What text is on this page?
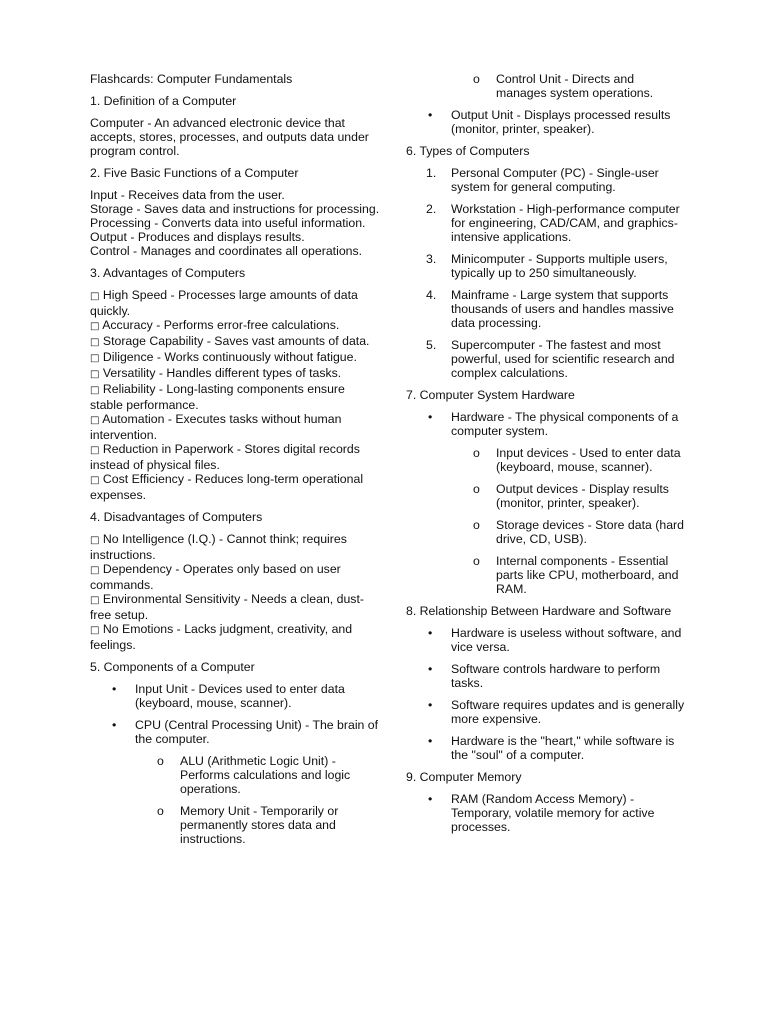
Flashcards: Computer Fundamentals

1. Definition of a Computer

Computer - An advanced electronic device that accepts, stores, processes, and outputs data under program control.

2. Five Basic Functions of a Computer

Input - Receives data from the user.

Storage - Saves data and instructions for processing.

Processing - Converts data into useful information.

Output - Produces and displays results.

Control - Manages and coordinates all operations.

3. Advantages of Computers

□ High Speed - Processes large amounts of data quickly.

□ Accuracy - Performs error-free calculations.

□ Storage Capability - Saves vast amounts of data.

□ Diligence - Works continuously without fatigue.

□ Versatility - Handles different types of tasks.

□ Reliability - Long-lasting components ensure stable performance.

□ Automation - Executes tasks without human intervention.

□ Reduction in Paperwork - Stores digital records instead of physical files.

□ Cost Efficiency - Reduces long-term operational expenses.

4. Disadvantages of Computers

□ No Intelligence (I.Q.) - Cannot think; requires instructions.

□ Dependency - Operates only based on user commands.

□ Environmental Sensitivity - Needs a clean, dust-free setup.

□ No Emotions - Lacks judgment, creativity, and feelings.

5. Components of a Computer

• Input Unit - Devices used to enter data (keyboard, mouse, scanner).
• CPU (Central Processing Unit) - The brain of the computer.
o ALU (Arithmetic Logic Unit) - Performs calculations and logic operations.
o Memory Unit - Temporarily or permanently stores data and instructions.
o Control Unit - Directs and manages system operations.
• Output Unit - Displays processed results (monitor, printer, speaker).

6. Types of Computers

1. Personal Computer (PC) - Single-user system for general computing.
2. Workstation - High-performance computer for engineering, CAD/CAM, and graphics-intensive applications.
3. Minicomputer - Supports multiple users, typically up to 250 simultaneously.
4. Mainframe - Large system that supports thousands of users and handles massive data processing.
5. Supercomputer - The fastest and most powerful, used for scientific research and complex calculations.

7. Computer System Hardware

• Hardware - The physical components of a computer system.
o Input devices - Used to enter data (keyboard, mouse, scanner).
o Output devices - Display results (monitor, printer, speaker).
o Storage devices - Store data (hard drive, CD, USB).
o Internal components - Essential parts like CPU, motherboard, and RAM.

8. Relationship Between Hardware and Software

• Hardware is useless without software, and vice versa.
• Software controls hardware to perform tasks.
• Software requires updates and is generally more expensive.
• Hardware is the "heart," while software is the "soul" of a computer.

9. Computer Memory

• RAM (Random Access Memory) - Temporary, volatile memory for active processes.
